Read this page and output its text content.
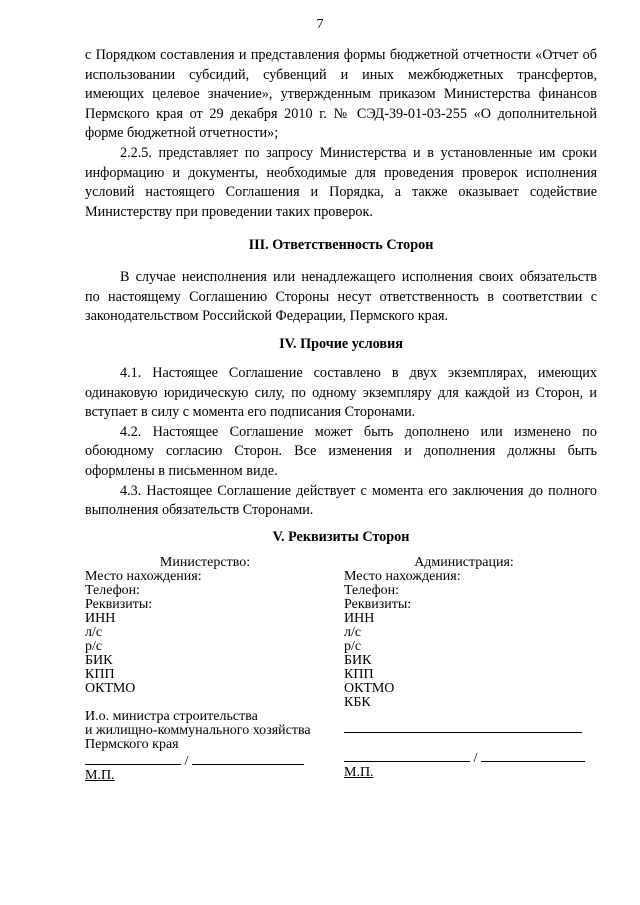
7

с Порядком составления и представления формы бюджетной отчетности «Отчет об использовании субсидий, субвенций и иных межбюджетных трансфертов, имеющих целевое значение», утвержденным приказом Министерства финансов Пермского края от 29 декабря 2010 г. № СЭД-39-01-03-255 «О дополнительной форме бюджетной отчетности»;

2.2.5. представляет по запросу Министерства и в установленные им сроки информацию и документы, необходимые для проведения проверок исполнения условий настоящего Соглашения и Порядка, а также оказывает содействие Министерству при проведении таких проверок.

III. Ответственность Сторон

В случае неисполнения или ненадлежащего исполнения своих обязательств по настоящему Соглашению Стороны несут ответственность в соответствии с законодательством Российской Федерации, Пермского края.

IV. Прочие условия

4.1. Настоящее Соглашение составлено в двух экземплярах, имеющих одинаковую юридическую силу, по одному экземпляру для каждой из Сторон, и вступает в силу с момента его подписания Сторонами.

4.2. Настоящее Соглашение может быть дополнено или изменено по обоюдному согласию Сторон. Все изменения и дополнения должны быть оформлены в письменном виде.

4.3. Настоящее Соглашение действует с момента его заключения до полного выполнения обязательств Сторонами.

V. Реквизиты Сторон

Министерство:
Место нахождения:
Телефон:
Реквизиты:
ИНН
л/с
р/с
БИК
КПП
ОКТМО
И.о. министра строительства
и жилищно-коммунального хозяйства
Пермского края
/
М.П.
Администрация:
Место нахождения:
Телефон:
Реквизиты:
ИНН
л/с
р/с
БИК
КПП
ОКТМО
КБК
/
М.П.
